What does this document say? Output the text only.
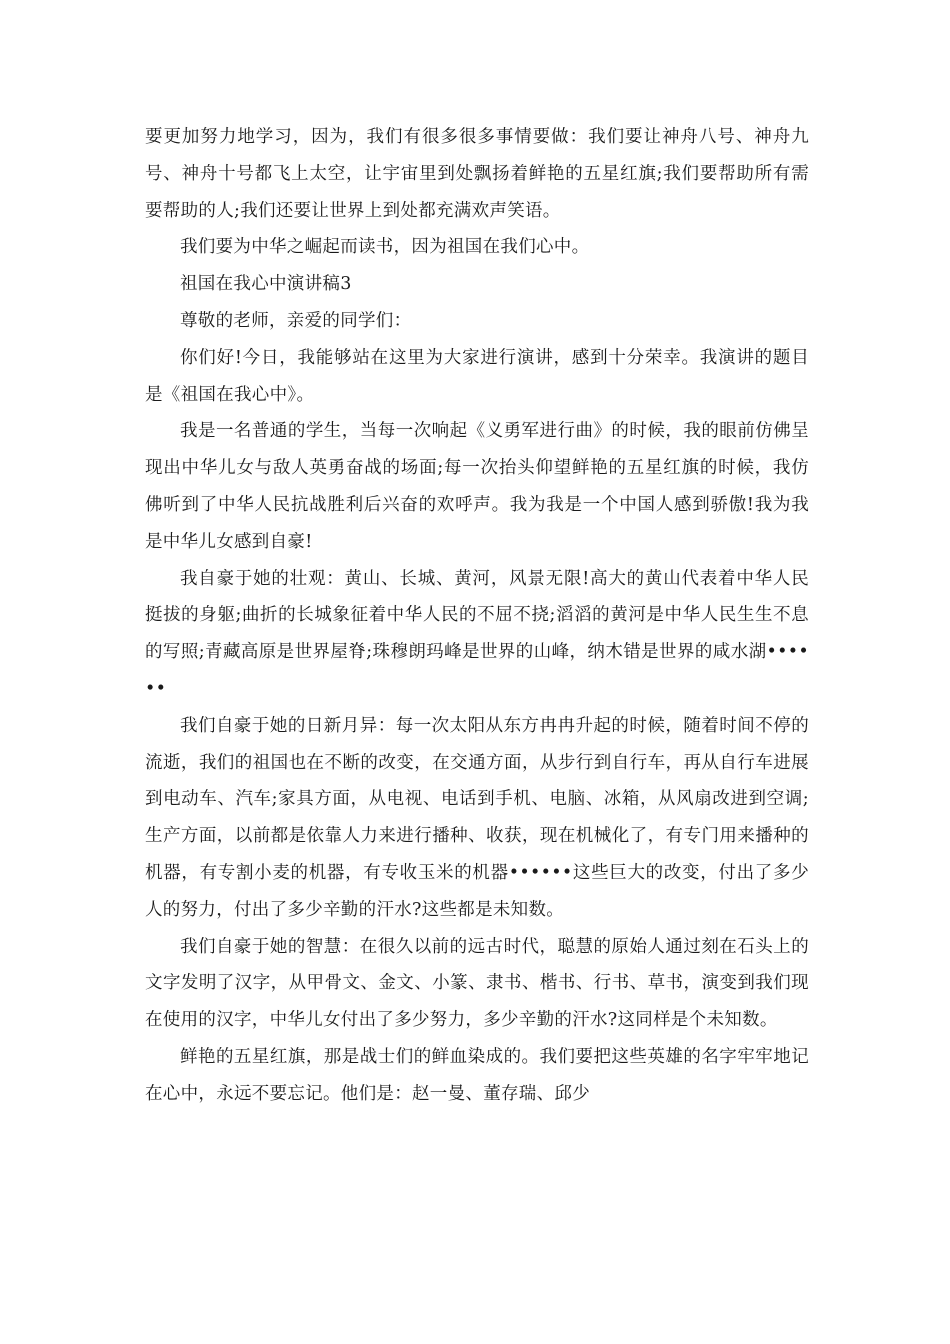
要更加努力地学习，因为，我们有很多很多事情要做：我们要让神舟八号、神舟九号、神舟十号都飞上太空，让宇宙里到处飘扬着鲜艳的五星红旗;我们要帮助所有需要帮助的人;我们还要让世界上到处都充满欢声笑语。

我们要为中华之崛起而读书，因为祖国在我们心中。

祖国在我心中演讲稿3

尊敬的老师，亲爱的同学们：

你们好!今日，我能够站在这里为大家进行演讲，感到十分荣幸。我演讲的题目是《祖国在我心中》。

我是一名普通的学生，当每一次响起《义勇军进行曲》的时候，我的眼前仿佛呈现出中华儿女与敌人英勇奋战的场面;每一次抬头仰望鲜艳的五星红旗的时候，我仿佛听到了中华人民抗战胜利后兴奋的欢呼声。我为我是一个中国人感到骄傲!我为我是中华儿女感到自豪!

我自豪于她的壮观：黄山、长城、黄河，风景无限!高大的黄山代表着中华人民挺拔的身躯;曲折的长城象征着中华人民的不屈不挠;滔滔的黄河是中华人民生生不息的写照;青藏高原是世界屋脊;珠穆朗玛峰是世界的山峰，纳木错是世界的咸水湖••••••

我们自豪于她的日新月异：每一次太阳从东方冉冉升起的时候，随着时间不停的流逝，我们的祖国也在不断的改变，在交通方面，从步行到自行车，再从自行车进展到电动车、汽车;家具方面，从电视、电话到手机、电脑、冰箱，从风扇改进到空调;生产方面，以前都是依靠人力来进行播种、收获，现在机械化了，有专门用来播种的机器，有专割小麦的机器，有专收玉米的机器••••••这些巨大的改变，付出了多少人的努力，付出了多少辛勤的汗水?这些都是未知数。

我们自豪于她的智慧：在很久以前的远古时代，聪慧的原始人通过刻在石头上的文字发明了汉字，从甲骨文、金文、小篆、隶书、楷书、行书、草书，演变到我们现在使用的汉字，中华儿女付出了多少努力，多少辛勤的汗水?这同样是个未知数。

鲜艳的五星红旗，那是战士们的鲜血染成的。我们要把这些英雄的名字牢牢地记在心中，永远不要忘记。他们是：赵一曼、董存瑞、邱少
